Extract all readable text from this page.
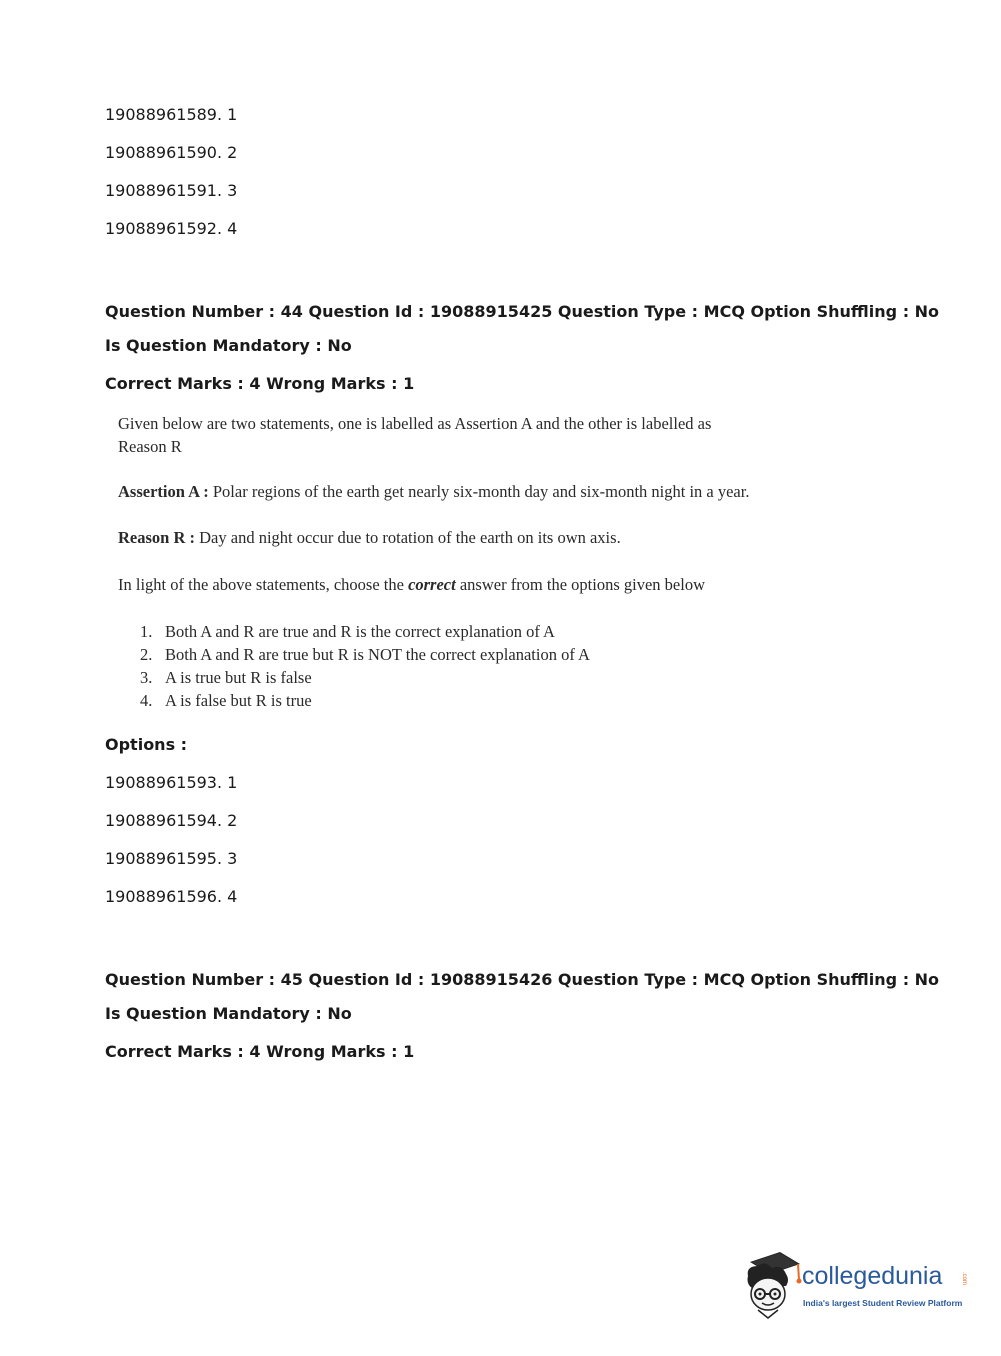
19088961589. 1
19088961590. 2
19088961591. 3
19088961592. 4
Question Number : 44 Question Id : 19088915425 Question Type : MCQ Option Shuffling : No
Is Question Mandatory : No
Correct Marks : 4 Wrong Marks : 1

Given below are two statements, one is labelled as Assertion A and the other is labelled as Reason R

Assertion A : Polar regions of the earth get nearly six-month day and six-month night in a year.
Reason R : Day and night occur due to rotation of the earth on its own axis.
In light of the above statements, choose the correct answer from the options given below
1. Both A and R are true and R is the correct explanation of A
2. Both A and R are true but R is NOT the correct explanation of A
3. A is true but R is false
4. A is false but R is true
Options :
19088961593. 1
19088961594. 2
19088961595. 3
19088961596. 4
Question Number : 45 Question Id : 19088915426 Question Type : MCQ Option Shuffling : No
Is Question Mandatory : No
Correct Marks : 4 Wrong Marks : 1
collegedunia	.com
India's largest Student Review Platform
